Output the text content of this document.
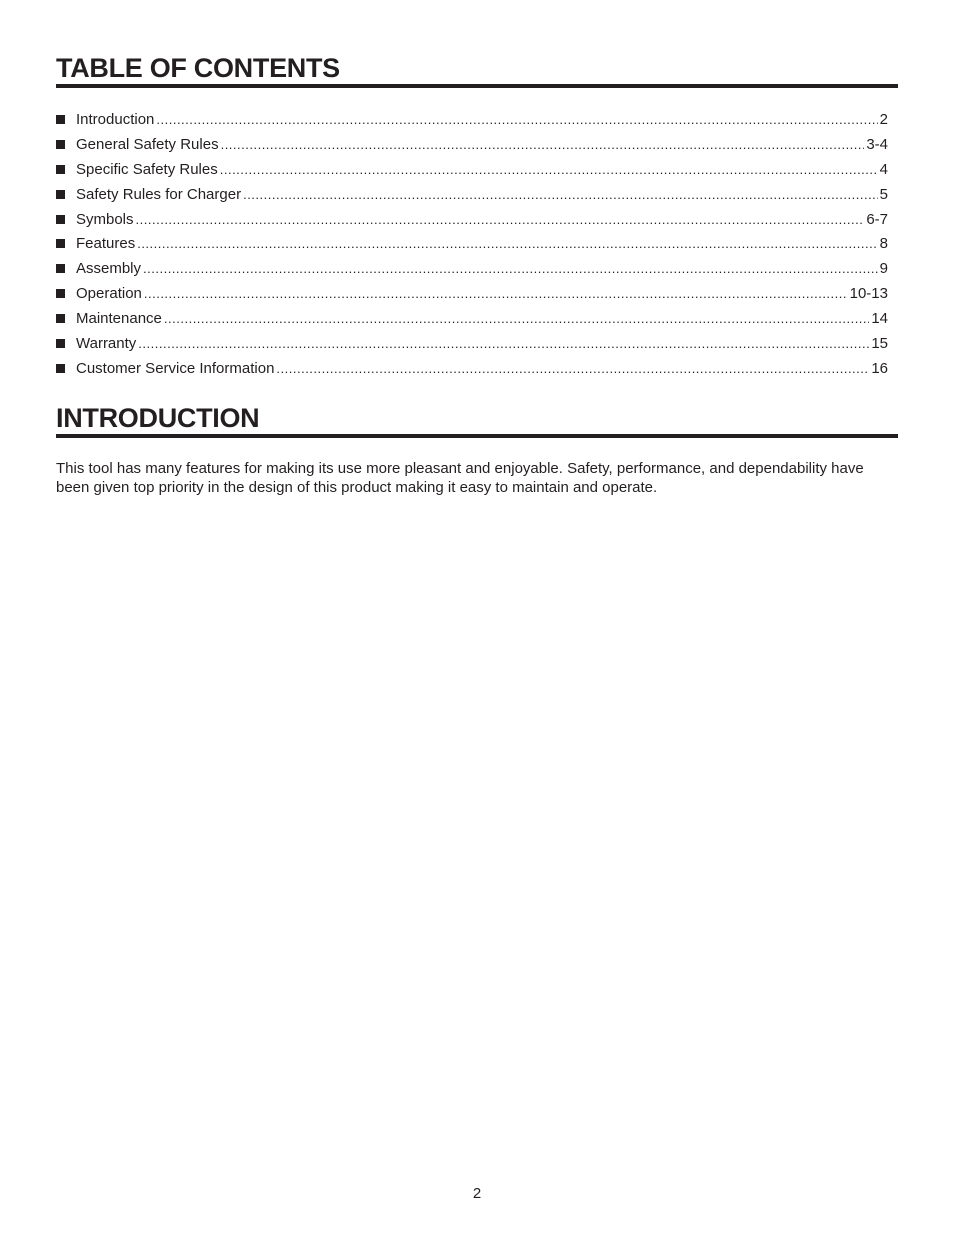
TABLE OF CONTENTS
Introduction .....	2
General Safety Rules .....	3-4
Specific Safety Rules .....	4
Safety Rules for Charger .....	5
Symbols .....	6-7
Features .....	8
Assembly .....	9
Operation .....	10-13
Maintenance .....	14
Warranty .....	15
Customer Service Information .....	16
INTRODUCTION

This tool has many features for making its use more pleasant and enjoyable. Safety, performance, and dependability have been given top priority in the design of this product making it easy to maintain and operate.

2
